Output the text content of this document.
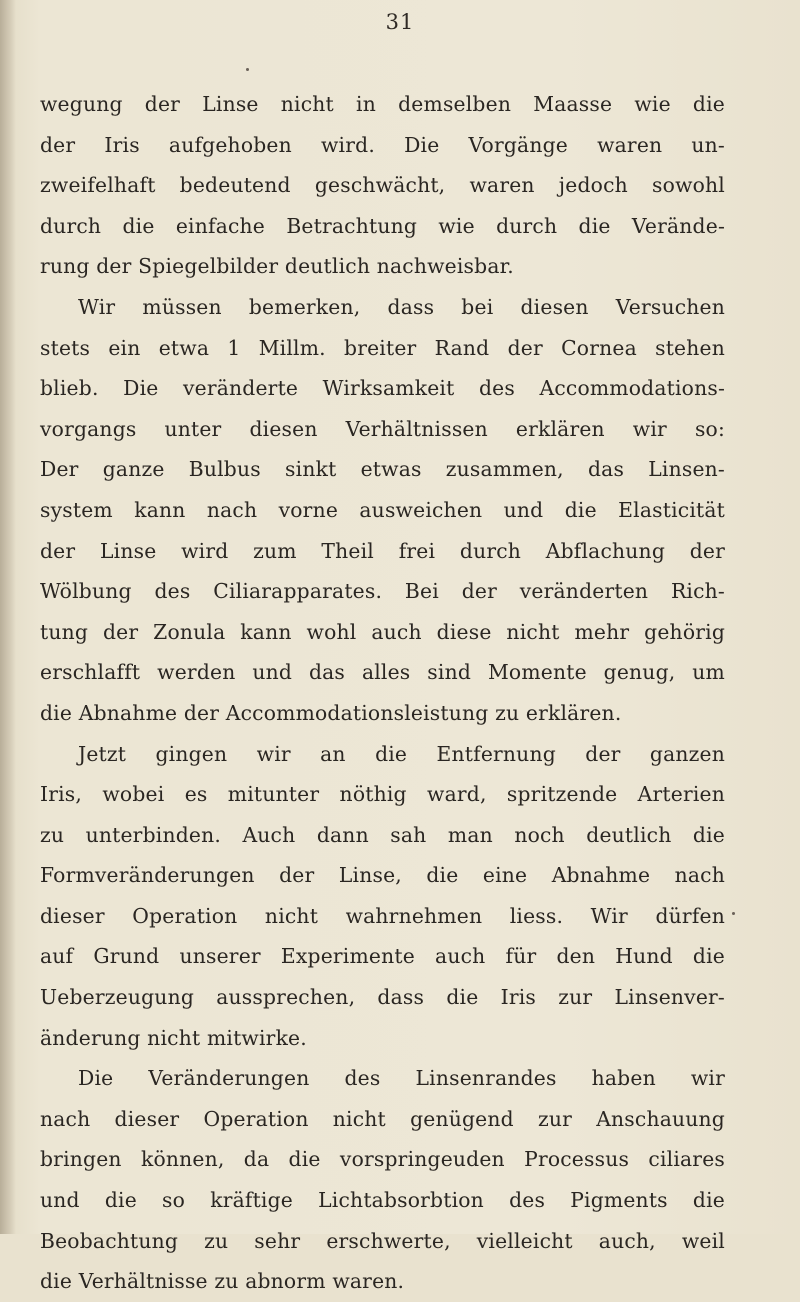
31
wegung der Linse nicht in demselben Maasse wie die
der Iris aufgehoben wird. Die Vorgänge waren un-
zweifelhaft bedeutend geschwächt, waren jedoch sowohl
durch die einfache Betrachtung wie durch die Verände-
rung der Spiegelbilder deutlich nachweisbar.
Wir müssen bemerken, dass bei diesen Versuchen
stets ein etwa 1 Millm. breiter Rand der Cornea stehen
blieb. Die veränderte Wirksamkeit des Accommodations-
vorgangs unter diesen Verhältnissen erklären wir so:
Der ganze Bulbus sinkt etwas zusammen, das Linsen-
system kann nach vorne ausweichen und die Elasticität
der Linse wird zum Theil frei durch Abflachung der
Wölbung des Ciliarapparates. Bei der veränderten Rich-
tung der Zonula kann wohl auch diese nicht mehr gehörig
erschlafft werden und das alles sind Momente genug, um
die Abnahme der Accommodationsleistung zu erklären.
Jetzt gingen wir an die Entfernung der ganzen
Iris, wobei es mitunter nöthig ward, spritzende Arterien
zu unterbinden. Auch dann sah man noch deutlich die
Formveränderungen der Linse, die eine Abnahme nach
dieser Operation nicht wahrnehmen liess. Wir dürfen
auf Grund unserer Experimente auch für den Hund die
Ueberzeugung aussprechen, dass die Iris zur Linsenver-
änderung nicht mitwirke.
Die Veränderungen des Linsenrandes haben wir
nach dieser Operation nicht genügend zur Anschauung
bringen können, da die vorspringeuden Processus ciliares
und die so kräftige Lichtabsorbtion des Pigments die
Beobachtung zu sehr erschwerte, vielleicht auch, weil
die Verhältnisse zu abnorm waren.
